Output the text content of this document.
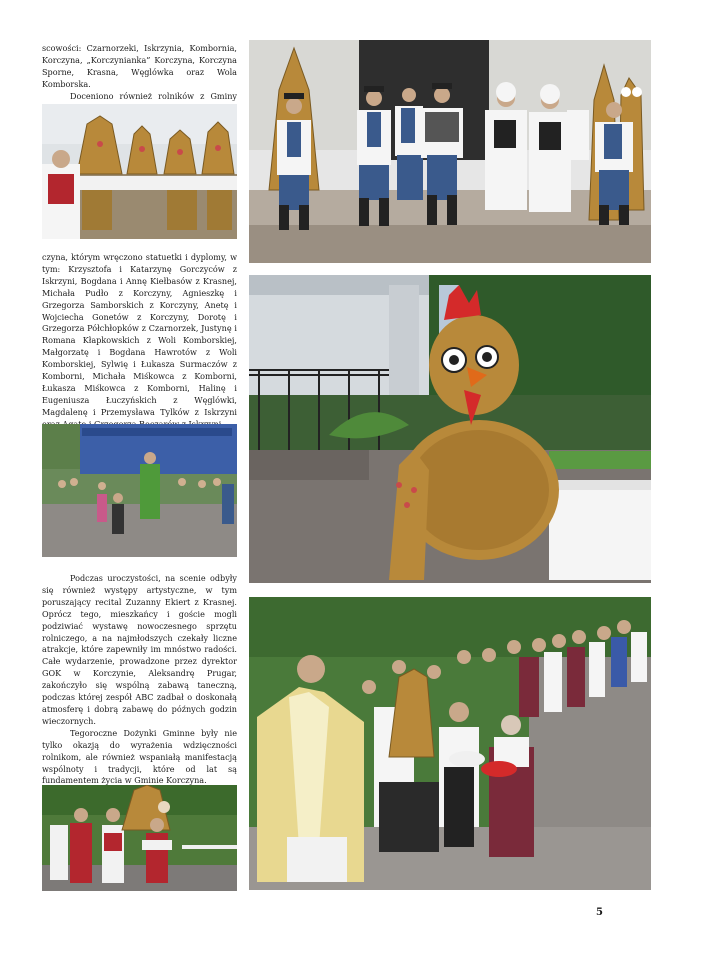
scowości: Czarnorzeki, Iskrzynia, Kombornia, Korczyna, „Korczynianka” Korczyna, Korczyna Sporne, Krasna, Węglówka oraz Wola Komborska.

Doceniono również rolników z Gminy

czyna, którym wręczono statuetki i dyplomy, w tym: Krzysztofa i Katarzynę Gorczyców z Iskrzyni, Bogdana i Annę Kiełbasów z Krasnej, Michała Pudło z Korczyny, Agnieszkę i Grzegorza Samborskich z Korczyny, Anetę i Wojciecha Gonetów z Korczyny, Dorotę i Grzegorza Półchłopków z Czarnorzek, Justynę i Romana Kłapkowskich z Woli Komborskiej, Małgorzatę i Bogdana Hawrotów z Woli Komborskiej, Sylwię i Łukasza Surmaczów z Komborni, Michała Miśkowca z Komborni, Łukasza Miśkowca z Komborni, Halinę i Eugeniusza Łuczyńskich z Węglówki, Magdalenę i Przemysława Tylków z Iskrzyni

Podczas uroczystości, na scenie odbyły się również występy artystyczne, w tym poruszający recital Zuzanny Ekiert z Krasnej. Oprócz tego, mieszkańcy i goście mogli podziwiać wystawę nowoczesnego sprzętu rolniczego, a na najmłodszych czekały liczne atrakcje, które zapewniły im mnóstwo radości. Całe wydarzenie, prowadzone przez dyrektor GOK w Korczynie, Aleksandrę Prugar, zakończyło się wspólną zabawą taneczną, podczas której zespół ABC zadbał o doskonałą atmosferę i dobrą zabawę do późnych godzin wieczornych.

Tegoroczne Dożynki Gminne były nie tylko okazją do wyrażenia wdzięczności rolnikom, ale również wspaniałą manifestacją wspólnoty i tradycji, które od lat są fundamentem życia w Gminie Korczyna.

5
